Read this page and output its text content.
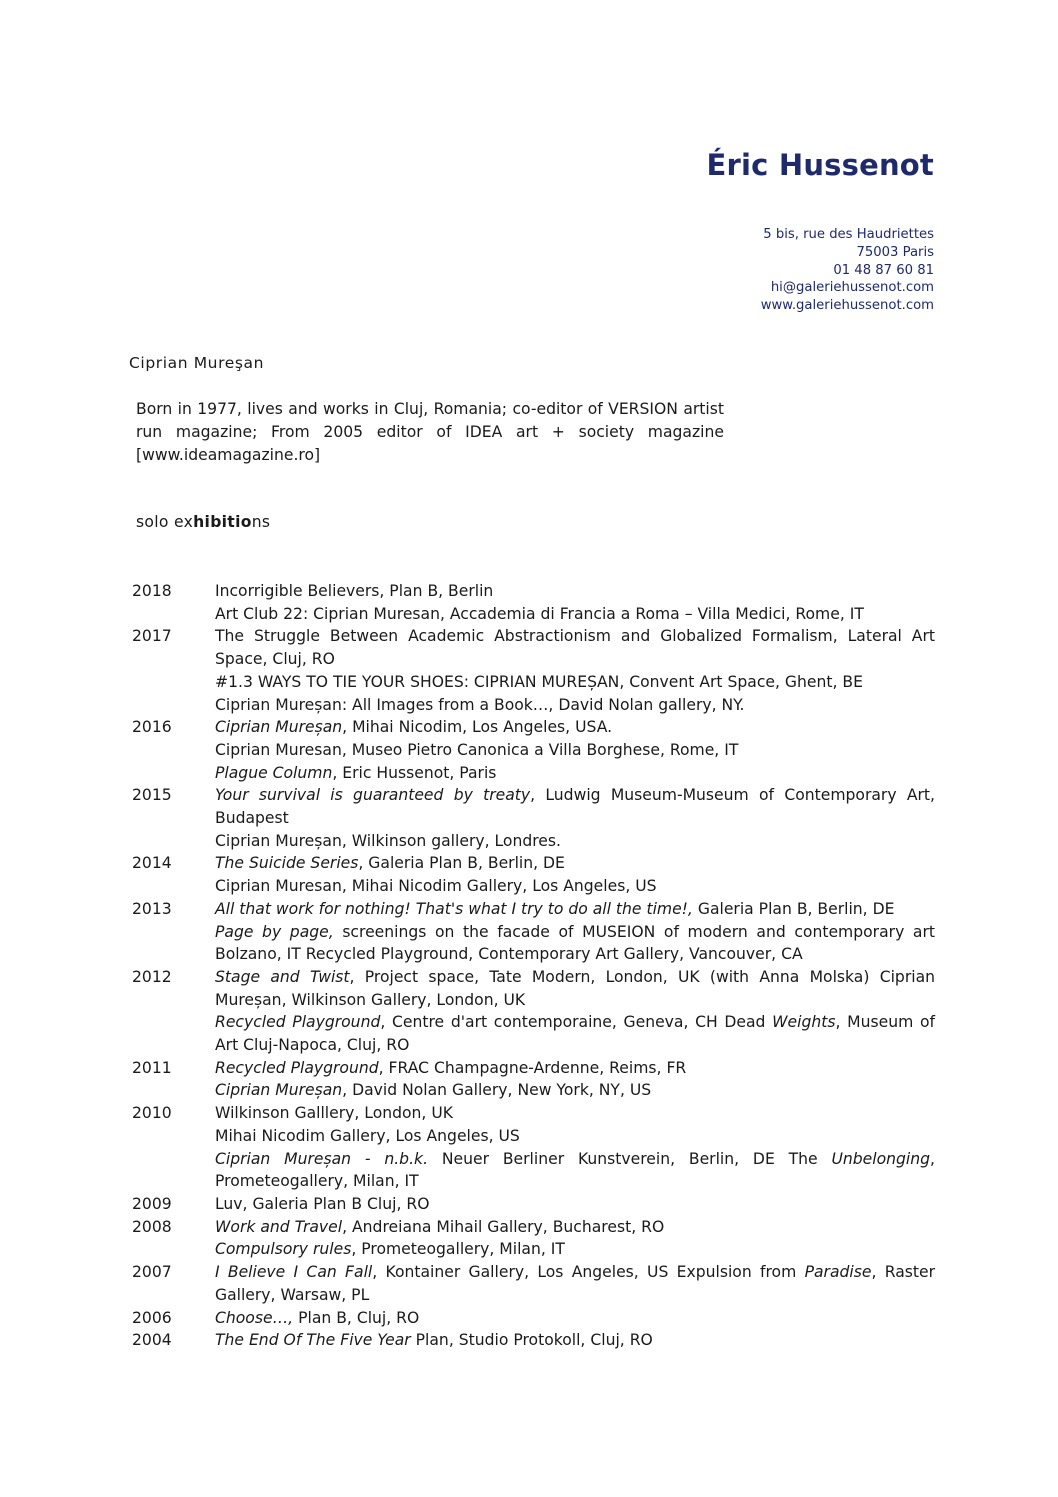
Éric Hussenot
5 bis, rue des Haudriettes
75003 Paris
01 48 87 60 81
hi@galeriehussenot.com
www.galeriehussenot.com
Ciprian Mureşan

Born in 1977, lives and works in Cluj, Romania; co-editor of VERSION artist run magazine; From 2005 editor of IDEA art + society magazine [www.ideamagazine.ro]

solo exhibitions
2018	Incorrigible Believers, Plan B, Berlin
Art Club 22: Ciprian Muresan, Accademia di Francia a Roma – Villa Medici, Rome, IT
2017	The Struggle Between Academic Abstractionism and Globalized Formalism, Lateral Art Space, Cluj, RO
#1.3 WAYS TO TIE YOUR SHOES: CIPRIAN MUREȘAN, Convent Art Space, Ghent, BE
Ciprian Mureșan: All Images from a Book…, David Nolan gallery, NY.
2016	Ciprian Mureșan, Mihai Nicodim, Los Angeles, USA.
Ciprian Muresan, Museo Pietro Canonica a Villa Borghese, Rome, IT
Plague Column, Eric Hussenot, Paris
2015	Your survival is guaranteed by treaty, Ludwig Museum-Museum of Contemporary Art, Budapest
Ciprian Mureșan, Wilkinson gallery, Londres.
2014	The Suicide Series, Galeria Plan B, Berlin, DE
Ciprian Muresan, Mihai Nicodim Gallery, Los Angeles, US
2013	All that work for nothing! That's what I try to do all the time!, Galeria Plan B, Berlin, DE
Page by page, screenings on the facade of MUSEION of modern and contemporary art Bolzano, IT Recycled Playground, Contemporary Art Gallery, Vancouver, CA
2012	Stage and Twist, Project space, Tate Modern, London, UK (with Anna Molska) Ciprian Mureșan, Wilkinson Gallery, London, UK
Recycled Playground, Centre d'art contemporaine, Geneva, CH Dead Weights, Museum of Art Cluj-Napoca, Cluj, RO
2011	Recycled Playground, FRAC Champagne-Ardenne, Reims, FR
Ciprian Mureșan, David Nolan Gallery, New York, NY, US
2010	Wilkinson Galllery, London, UK
Mihai Nicodim Gallery, Los Angeles, US
Ciprian Mureșan - n.b.k. Neuer Berliner Kunstverein, Berlin, DE The Unbelonging, Prometeogallery, Milan, IT
2009	Luv, Galeria Plan B Cluj, RO
2008	Work and Travel, Andreiana Mihail Gallery, Bucharest, RO
Compulsory rules, Prometeogallery, Milan, IT
2007	I Believe I Can Fall, Kontainer Gallery, Los Angeles, US Expulsion from Paradise, Raster Gallery, Warsaw, PL
2006	Choose…, Plan B, Cluj, RO
2004	The End Of The Five Year Plan, Studio Protokoll, Cluj, RO
